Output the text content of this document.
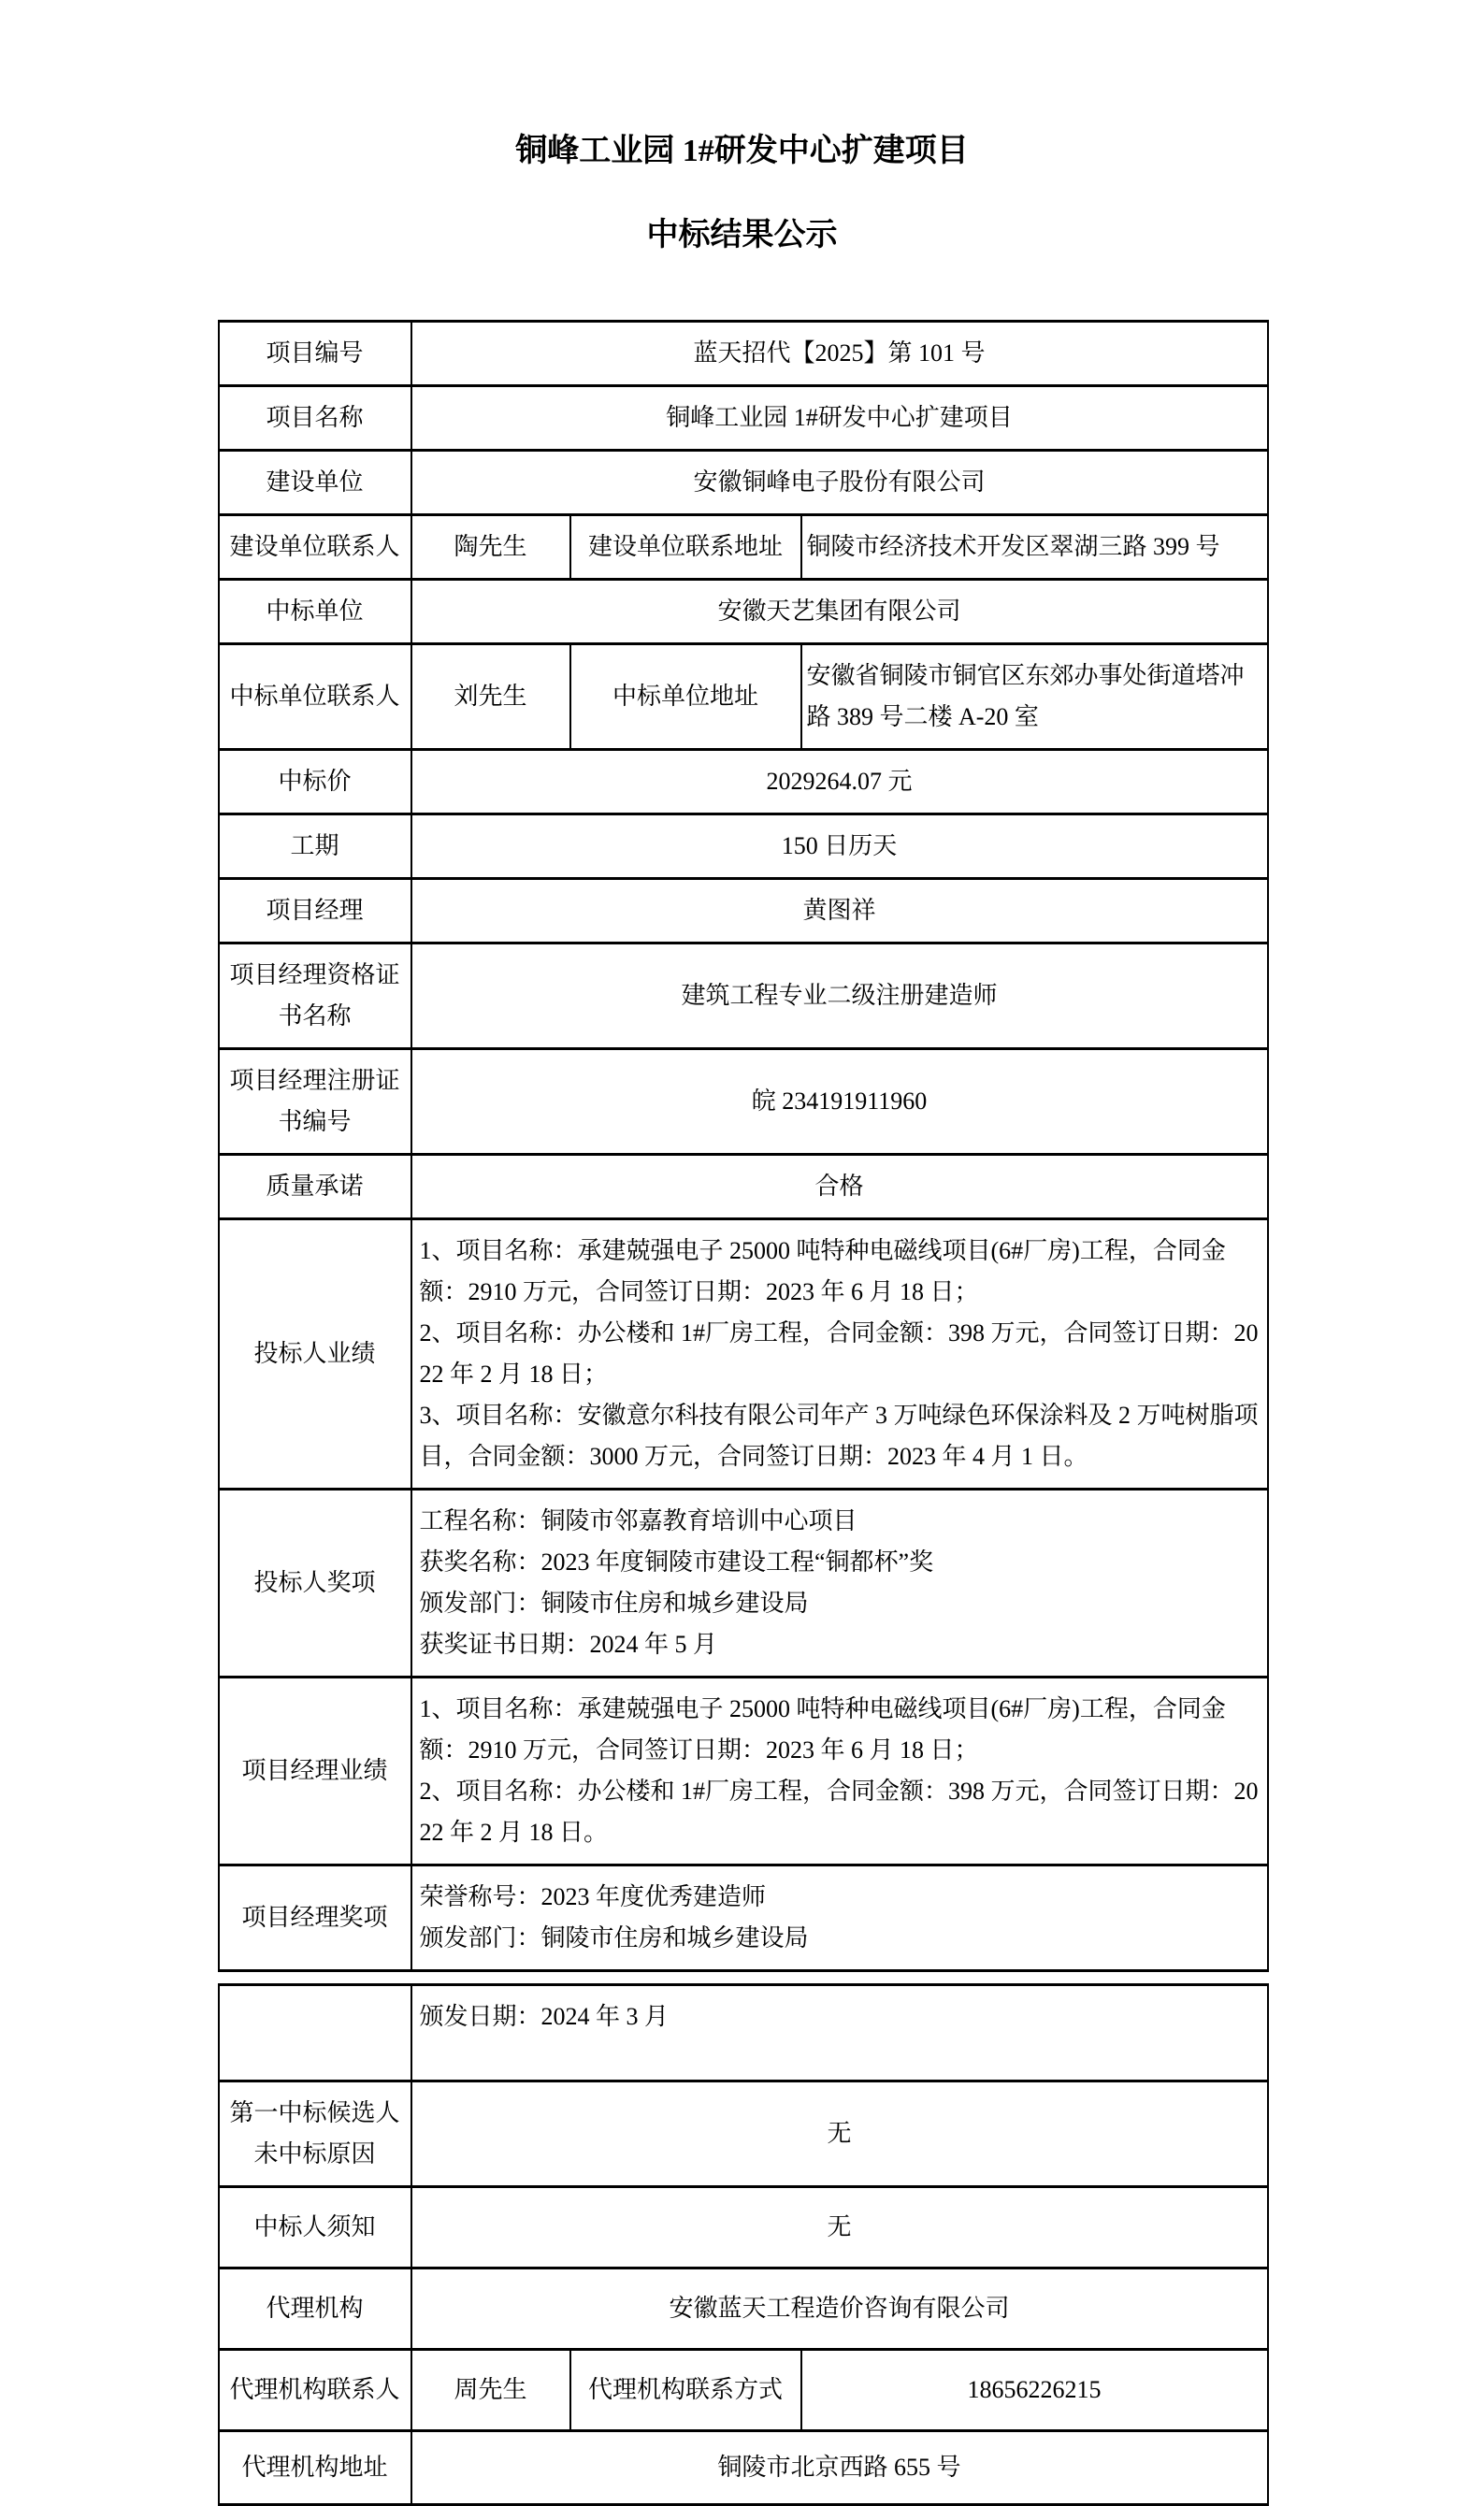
铜峰工业园 1#研发中心扩建项目
中标结果公示
项目编号	蓝天招代【2025】第 101 号		
项目名称	铜峰工业园 1#研发中心扩建项目		
建设单位	安徽铜峰电子股份有限公司		
建设单位联系人	陶先生	建设单位联系地址	铜陵市经济技术开发区翠湖三路 399 号
中标单位	安徽天艺集团有限公司		
中标单位联系人	刘先生	中标单位地址	安徽省铜陵市铜官区东郊办事处街道塔冲路 389 号二楼 A-20 室
中标价	2029264.07 元		
工期	150 日历天		
项目经理	黄图祥		
项目经理资格证书名称	建筑工程专业二级注册建造师		
项目经理注册证书编号	皖 234191911960		
质量承诺	合格		
投标人业绩	1、项目名称：承建兢强电子 25000 吨特种电磁线项目(6#厂房)工程，合同金额：2910 万元，合同签订日期：2023 年 6 月 18 日；
2、项目名称：办公楼和 1#厂房工程，合同金额：398 万元，合同签订日期：2022 年 2 月 18 日；
3、项目名称：安徽意尔科技有限公司年产 3 万吨绿色环保涂料及 2 万吨树脂项目，合同金额：3000 万元，合同签订日期：2023 年 4 月 1 日。		

投标人奖项	工程名称：铜陵市邻嘉教育培训中心项目
获奖名称：2023 年度铜陵市建设工程“铜都杯”奖
颁发部门：铜陵市住房和城乡建设局
获奖证书日期：2024 年 5 月		

项目经理业绩	1、项目名称：承建兢强电子 25000 吨特种电磁线项目(6#厂房)工程，合同金额：2910 万元，合同签订日期：2023 年 6 月 18 日；
2、项目名称：办公楼和 1#厂房工程，合同金额：398 万元，合同签订日期：2022 年 2 月 18 日。		

项目经理奖项	荣誉称号：2023 年度优秀建造师
颁发部门：铜陵市住房和城乡建设局		
	颁发日期：2024 年 3 月		
第一中标候选人未中标原因	无		
中标人须知	无		
代理机构	安徽蓝天工程造价咨询有限公司		
代理机构联系人	周先生	代理机构联系方式	18656226215
代理机构地址	铜陵市北京西路 655 号		
